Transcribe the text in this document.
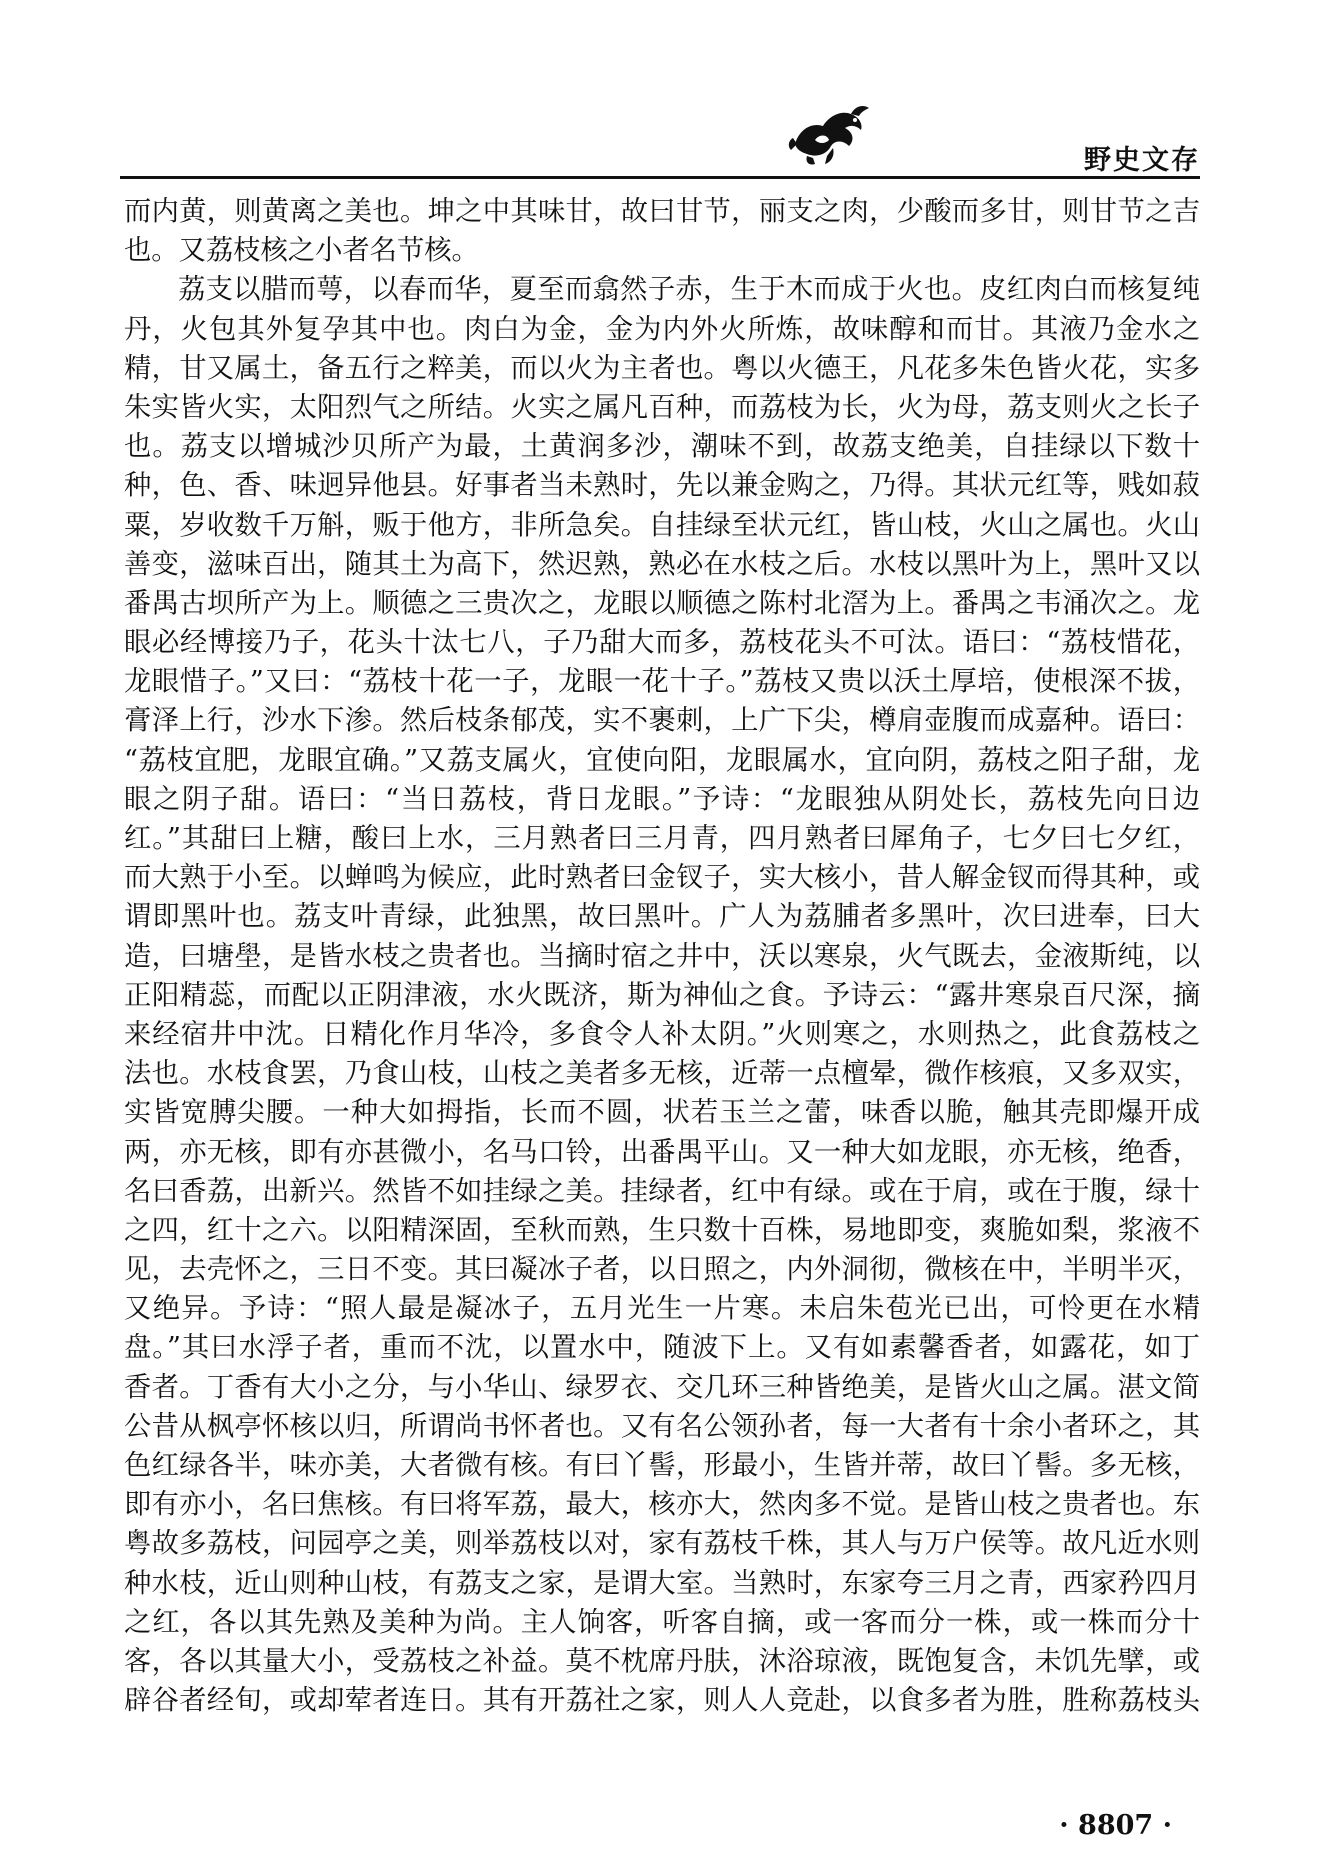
野史文存
而内黄，则黄离之美也。坤之中其味甘，故曰甘节，丽支之肉，少酸而多甘，则甘节之吉
也。又荔枝核之小者名节核。
荔支以腊而萼，以春而华，夏至而翕然子赤，生于木而成于火也。皮红肉白而核复纯
丹，火包其外复孕其中也。肉白为金，金为内外火所炼，故味醇和而甘。其液乃金水之
精，甘又属土，备五行之粹美，而以火为主者也。粤以火德王，凡花多朱色皆火花，实多
朱实皆火实，太阳烈气之所结。火实之属凡百种，而荔枝为长，火为母，荔支则火之长子
也。荔支以增城沙贝所产为最，土黄润多沙，潮味不到，故荔支绝美，自挂绿以下数十
种，色、香、味迥异他县。好事者当未熟时，先以兼金购之，乃得。其状元红等，贱如菽
粟，岁收数千万斛，贩于他方，非所急矣。自挂绿至状元红，皆山枝，火山之属也。火山
善变，滋味百出，随其土为高下，然迟熟，熟必在水枝之后。水枝以黑叶为上，黑叶又以
番禺古坝所产为上。顺德之三贵次之，龙眼以顺德之陈村北滘为上。番禺之韦涌次之。龙
眼必经博接乃子，花头十汰七八，子乃甜大而多，荔枝花头不可汰。语曰：“荔枝惜花，
龙眼惜子。”又曰：“荔枝十花一子，龙眼一花十子。”荔枝又贵以沃土厚培，使根深不拔，
膏泽上行，沙水下渗。然后枝条郁茂，实不裹刺，上广下尖，樽肩壶腹而成嘉种。语曰：
“荔枝宜肥，龙眼宜确。”又荔支属火，宜使向阳，龙眼属水，宜向阴，荔枝之阳子甜，龙
眼之阴子甜。语曰：“当日荔枝，背日龙眼。”予诗：“龙眼独从阴处长，荔枝先向日边
红。”其甜曰上糖，酸曰上水，三月熟者曰三月青，四月熟者曰犀角子，七夕曰七夕红，
而大熟于小至。以蝉鸣为候应，此时熟者曰金钗子，实大核小，昔人解金钗而得其种，或
谓即黑叶也。荔支叶青绿，此独黑，故曰黑叶。广人为荔脯者多黑叶，次曰进奉，曰大
造，曰塘壆，是皆水枝之贵者也。当摘时宿之井中，沃以寒泉，火气既去，金液斯纯，以
正阳精蕊，而配以正阴津液，水火既济，斯为神仙之食。予诗云：“露井寒泉百尺深，摘
来经宿井中沈。日精化作月华冷，多食令人补太阴。”火则寒之，水则热之，此食荔枝之
法也。水枝食罢，乃食山枝，山枝之美者多无核，近蒂一点檀晕，微作核痕，又多双实，
实皆宽膊尖腰。一种大如拇指，长而不圆，状若玉兰之蕾，味香以脆，触其壳即爆开成
两，亦无核，即有亦甚微小，名马口铃，出番禺平山。又一种大如龙眼，亦无核，绝香，
名曰香荔，出新兴。然皆不如挂绿之美。挂绿者，红中有绿。或在于肩，或在于腹，绿十
之四，红十之六。以阳精深固，至秋而熟，生只数十百株，易地即变，爽脆如梨，浆液不
见，去壳怀之，三日不变。其曰凝冰子者，以日照之，内外洞彻，微核在中，半明半灭，
又绝异。予诗：“照人最是凝冰子，五月光生一片寒。未启朱苞光已出，可怜更在水精
盘。”其曰水浮子者，重而不沈，以置水中，随波下上。又有如素馨香者，如露花，如丁
香者。丁香有大小之分，与小华山、绿罗衣、交几环三种皆绝美，是皆火山之属。湛文简
公昔从枫亭怀核以归，所谓尚书怀者也。又有名公领孙者，每一大者有十余小者环之，其
色红绿各半，味亦美，大者微有核。有曰丫髻，形最小，生皆并蒂，故曰丫髻。多无核，
即有亦小，名曰焦核。有曰将军荔，最大，核亦大，然肉多不觉。是皆山枝之贵者也。东
粤故多荔枝，问园亭之美，则举荔枝以对，家有荔枝千株，其人与万户侯等。故凡近水则
种水枝，近山则种山枝，有荔支之家，是谓大室。当熟时，东家夸三月之青，西家矜四月
之红，各以其先熟及美种为尚。主人饷客，听客自摘，或一客而分一株，或一株而分十
客，各以其量大小，受荔枝之补益。莫不枕席丹肤，沐浴琼液，既饱复含，未饥先擘，或
辟谷者经旬，或却荤者连日。其有开荔社之家，则人人竞赴，以食多者为胜，胜称荔枝头
· 8807 ·
